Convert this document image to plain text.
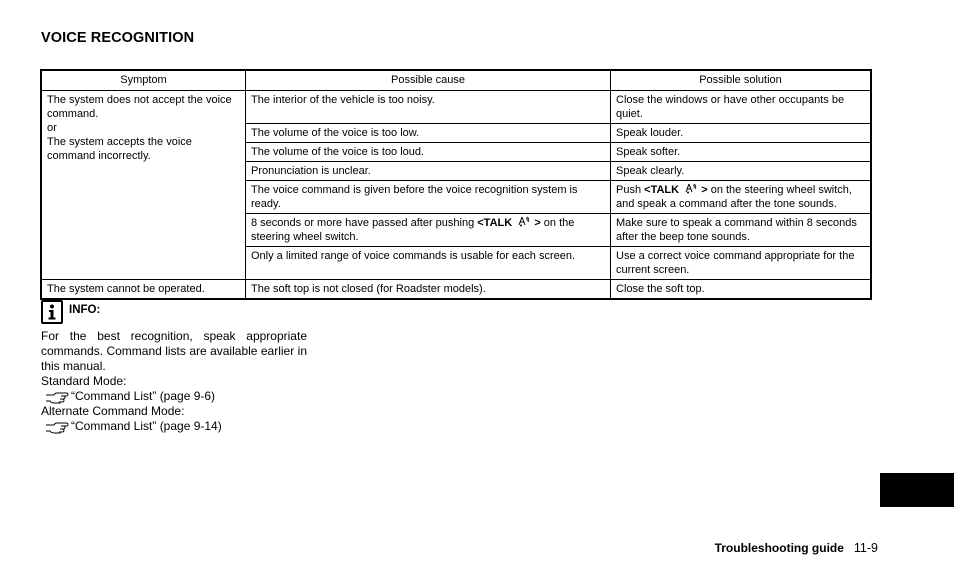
VOICE RECOGNITION
Symptom	Possible cause	Possible solution

The system does not accept the voice command.
or
The system accepts the voice command incorrectly.	The interior of the vehicle is too noisy.	Close the windows or have other occupants be quiet.
	The volume of the voice is too low.	Speak louder.
	The volume of the voice is too loud.	Speak softer.
	Pronunciation is unclear.	Speak clearly.
	The voice command is given before the voice recognition system is ready.	Push <TALK > on the steering wheel switch, and speak a command after the tone sounds.
	8 seconds or more have passed after pushing <TALK > on the steering wheel switch.	Make sure to speak a command within 8 seconds after the beep tone sounds.
	Only a limited range of voice commands is usable for each screen.	Use a correct voice command appropriate for the current screen.
The system cannot be operated.	The soft top is not closed (for Roadster models).	Close the soft top.
INFO:
For the best recognition, speak appropriate commands. Command lists are available earlier in this manual.
Standard Mode:
“Command List” (page 9-6)
Alternate Command Mode:
“Command List” (page 9-14)
Troubleshooting guide 11-9
